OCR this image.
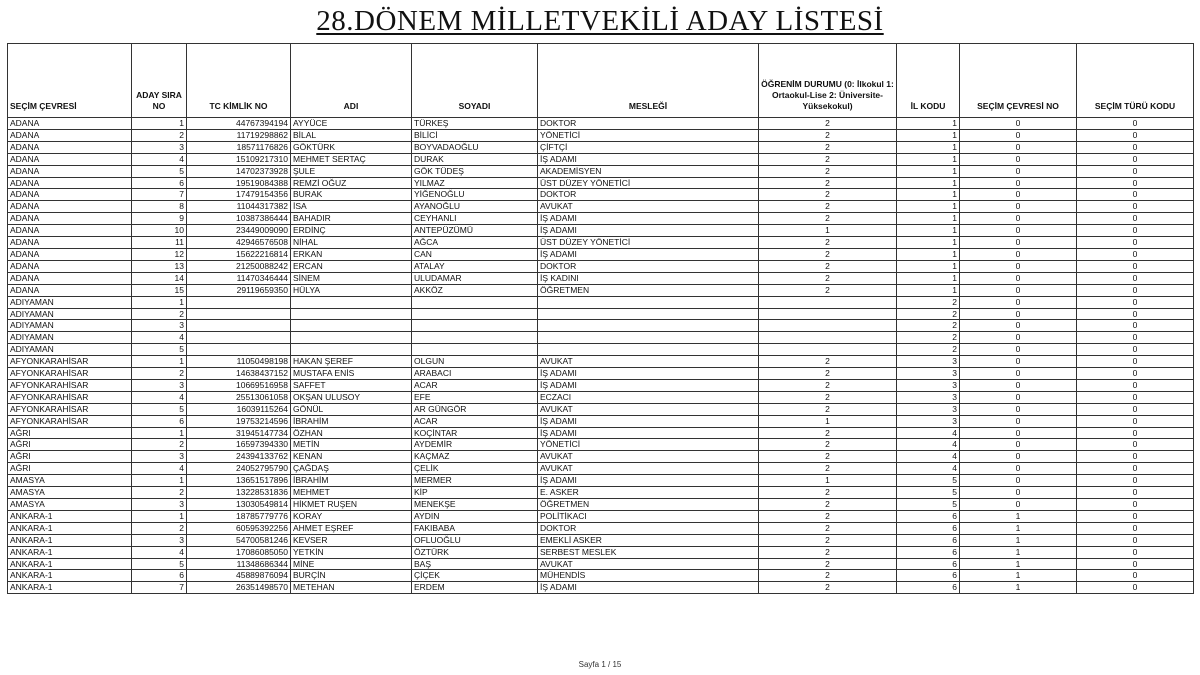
28.DÖNEM MİLLETVEKİLİ ADAY LİSTESİ
SEÇİM ÇEVRESİ	ADAY SIRA NO	TC KİMLİK NO	ADI	SOYADI	MESLEĞİ	ÖĞRENİM DURUMU (0: İlkokul 1: Ortaokul-Lise 2: Üniversite-Yüksekokul)	İL KODU	SEÇİM ÇEVRESİ NO	SEÇİM TÜRÜ KODU
ADANA	1	44767394194	AYYÜCE	TÜRKEŞ	DOKTOR	2	1	0	0
ADANA	2	11719298862	BİLAL	BİLİCİ	YÖNETİCİ	2	1	0	0
ADANA	3	18571176826	GÖKTÜRK	BOYVADAOĞLU	ÇİFTÇİ	2	1	0	0
ADANA	4	15109217310	MEHMET SERTAÇ	DURAK	İŞ ADAMI	2	1	0	0
ADANA	5	14702373928	ŞULE	GÖK TÜDEŞ	AKADEMİSYEN	2	1	0	0
ADANA	6	19519084388	REMZİ OĞUZ	YILMAZ	ÜST DÜZEY YÖNETİCİ	2	1	0	0
ADANA	7	17479154356	BURAK	YİĞENOĞLU	DOKTOR	2	1	0	0
ADANA	8	11044317382	İSA	AYANOĞLU	AVUKAT	2	1	0	0
ADANA	9	10387386444	BAHADIR	CEYHANLI	İŞ ADAMI	2	1	0	0
ADANA	10	23449009090	ERDİNÇ	ANTEPÜZÜMÜ	İŞ ADAMI	1	1	0	0
ADANA	11	42946576508	NİHAL	AĞCA	ÜST DÜZEY YÖNETİCİ	2	1	0	0
ADANA	12	15622216814	ERKAN	CAN	İŞ ADAMI	2	1	0	0
ADANA	13	21250088242	ERCAN	ATALAY	DOKTOR	2	1	0	0
ADANA	14	11470346444	SİNEM	ULUDAMAR	İŞ KADINI	2	1	0	0
ADANA	15	29119659350	HÜLYA	AKKÖZ	ÖĞRETMEN	2	1	0	0
ADIYAMAN	1						2	0	0
ADIYAMAN	2						2	0	0
ADIYAMAN	3						2	0	0
ADIYAMAN	4						2	0	0
ADIYAMAN	5						2	0	0
AFYONKARAHİSAR	1	11050498198	HAKAN ŞEREF	OLGUN	AVUKAT	2	3	0	0
AFYONKARAHİSAR	2	14638437152	MUSTAFA ENİS	ARABACI	İŞ ADAMI	2	3	0	0
AFYONKARAHİSAR	3	10669516958	SAFFET	ACAR	İŞ ADAMI	2	3	0	0
AFYONKARAHİSAR	4	25513061058	OKŞAN ULUSOY	EFE	ECZACI	2	3	0	0
AFYONKARAHİSAR	5	16039115264	GÖNÜL	AR GÜNGÖR	AVUKAT	2	3	0	0
AFYONKARAHİSAR	6	19753214596	İBRAHİM	ACAR	İŞ ADAMI	1	3	0	0
AĞRI	1	31945147734	ÖZHAN	KOÇİNTAR	İŞ ADAMI	2	4	0	0
AĞRI	2	16597394330	METİN	AYDEMİR	YÖNETİCİ	2	4	0	0
AĞRI	3	24394133762	KENAN	KAÇMAZ	AVUKAT	2	4	0	0
AĞRI	4	24052795790	ÇAĞDAŞ	ÇELİK	AVUKAT	2	4	0	0
AMASYA	1	13651517896	İBRAHİM	MERMER	İŞ ADAMI	1	5	0	0
AMASYA	2	13228531836	MEHMET	KİP	E. ASKER	2	5	0	0
AMASYA	3	13030549814	HİKMET RUŞEN	MENEKŞE	ÖĞRETMEN	2	5	0	0
ANKARA-1	1	18785779776	KORAY	AYDIN	POLİTİKACI	2	6	1	0
ANKARA-1	2	60595392256	AHMET EŞREF	FAKIBABA	DOKTOR	2	6	1	0
ANKARA-1	3	54700581246	KEVSER	OFLUOĞLU	EMEKLİ ASKER	2	6	1	0
ANKARA-1	4	17086085050	YETKİN	ÖZTÜRK	SERBEST MESLEK	2	6	1	0
ANKARA-1	5	11348686344	MİNE	BAŞ	AVUKAT	2	6	1	0
ANKARA-1	6	45889876094	BURÇİN	ÇİÇEK	MÜHENDİS	2	6	1	0
ANKARA-1	7	26351498570	METEHAN	ERDEM	İŞ ADAMI	2	6	1	0
Sayfa 1 / 15
